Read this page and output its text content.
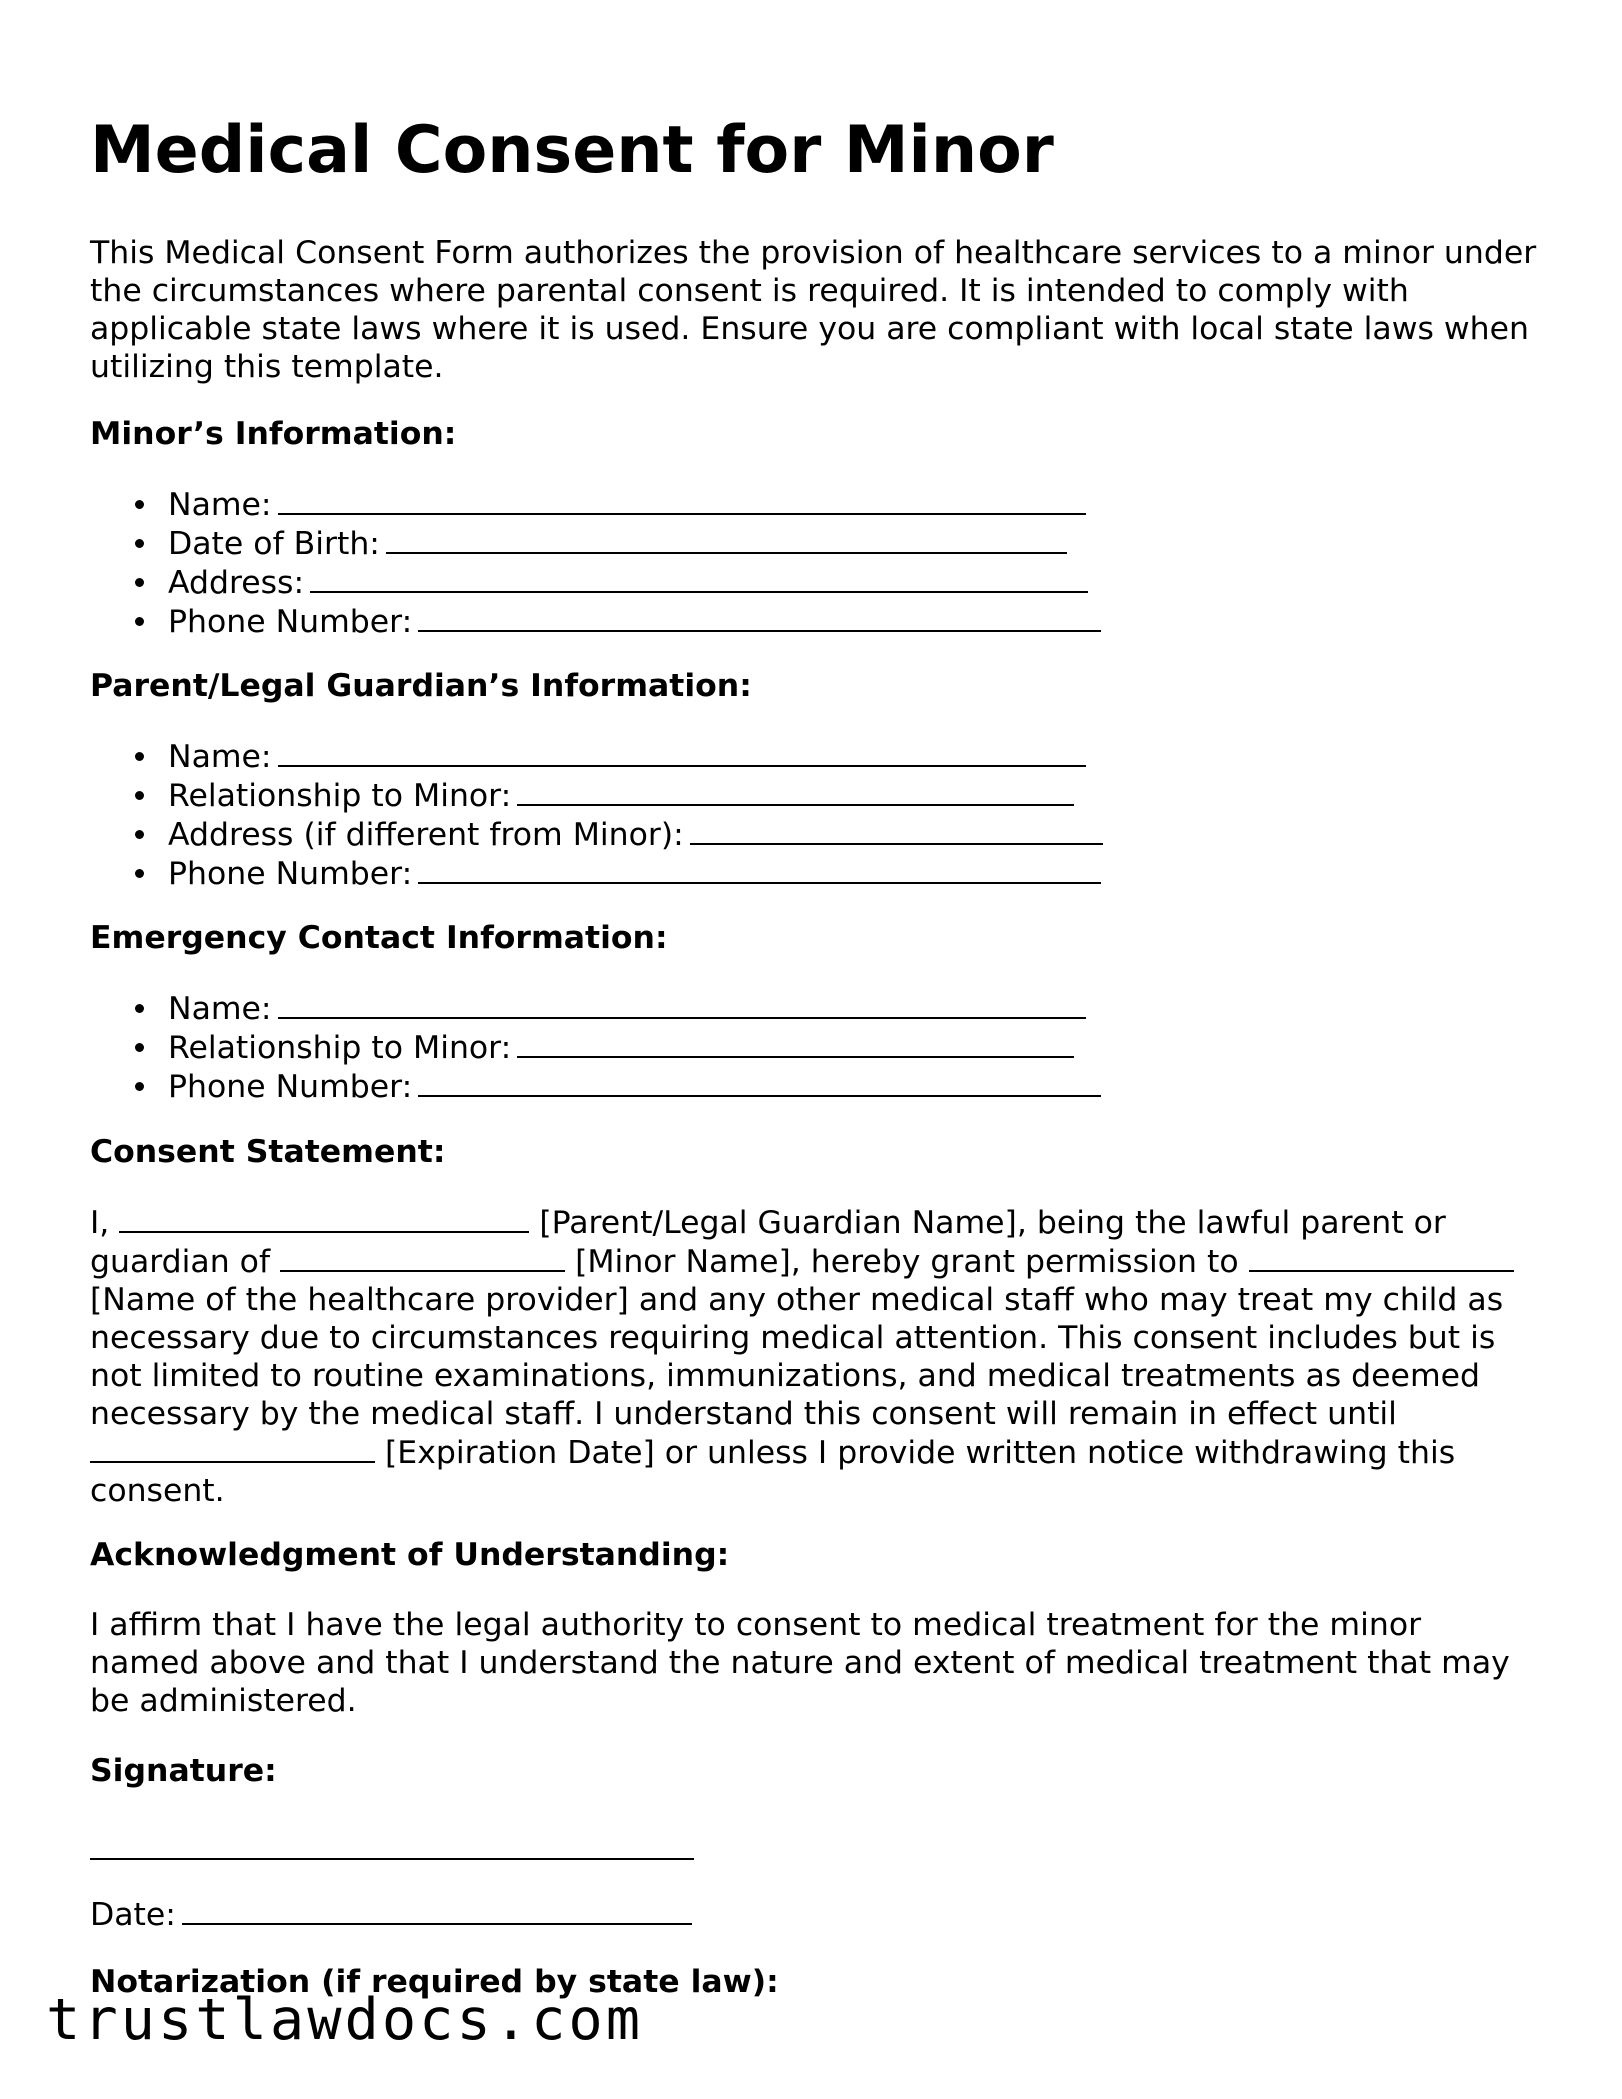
Medical Consent for Minor

This Medical Consent Form authorizes the provision of healthcare services to a minor under the circumstances where parental consent is required. It is intended to comply with applicable state laws where it is used. Ensure you are compliant with local state laws when utilizing this template.

Minor’s Information:

Name:
Date of Birth:
Address:
Phone Number:

Parent/Legal Guardian’s Information:

Name:
Relationship to Minor:
Address (if different from Minor):
Phone Number:

Emergency Contact Information:

Name:
Relationship to Minor:
Phone Number:

Consent Statement:

I,	[Parent/Legal Guardian Name], being the lawful parent or guardian of	[Minor Name], hereby grant permission to  [Name of the healthcare provider] and any other medical staff who may treat my child as necessary due to circumstances requiring medical attention. This consent includes but is not limited to routine examinations, immunizations, and medical treatments as deemed necessary by the medical staff. I understand this consent will remain in effect until  [Expiration Date] or unless I provide written notice withdrawing this consent.

Acknowledgment of Understanding:

I affirm that I have the legal authority to consent to medical treatment for the minor named above and that I understand the nature and extent of medical treatment that may be administered.

Signature:

Date:

Notarization (if required by state law):

trustlawdocs.com
